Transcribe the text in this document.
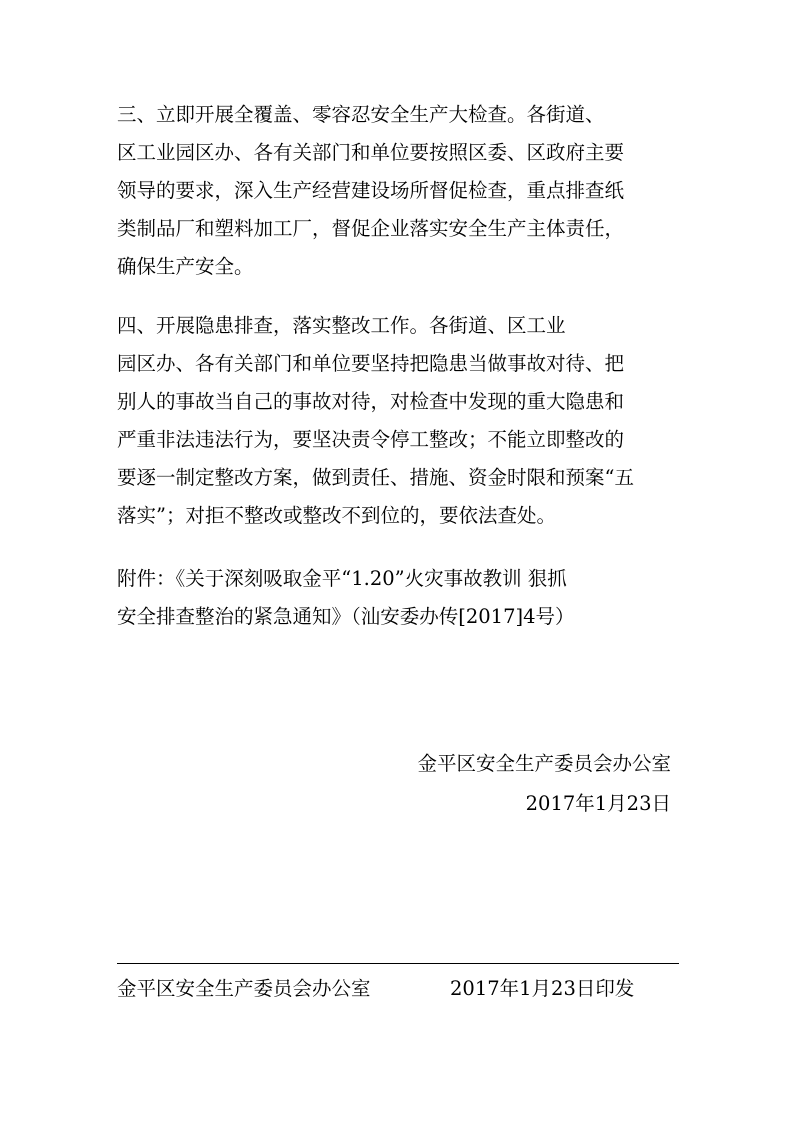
三、立即开展全覆盖、零容忍安全生产大检查。各街道、
区工业园区办、各有关部门和单位要按照区委、区政府主要
领导的要求，深入生产经营建设场所督促检查，重点排查纸
类制品厂和塑料加工厂，督促企业落实安全生产主体责任，
确保生产安全。
四、开展隐患排查，落实整改工作。各街道、区工业
园区办、各有关部门和单位要坚持把隐患当做事故对待、把
别人的事故当自己的事故对待，对检查中发现的重大隐患和
严重非法违法行为，要坚决责令停工整改；不能立即整改的
要逐一制定整改方案，做到责任、措施、资金时限和预案“五
落实”；对拒不整改或整改不到位的，要依法查处。
附件：《关于深刻吸取金平“1.20”火灾事故教训 狠抓
安全排查整治的紧急通知》（汕安委办传[2017]4号）
金平区安全生产委员会办公室
2017年1月23日
金平区安全生产委员会办公室	2017年1月23日印发
